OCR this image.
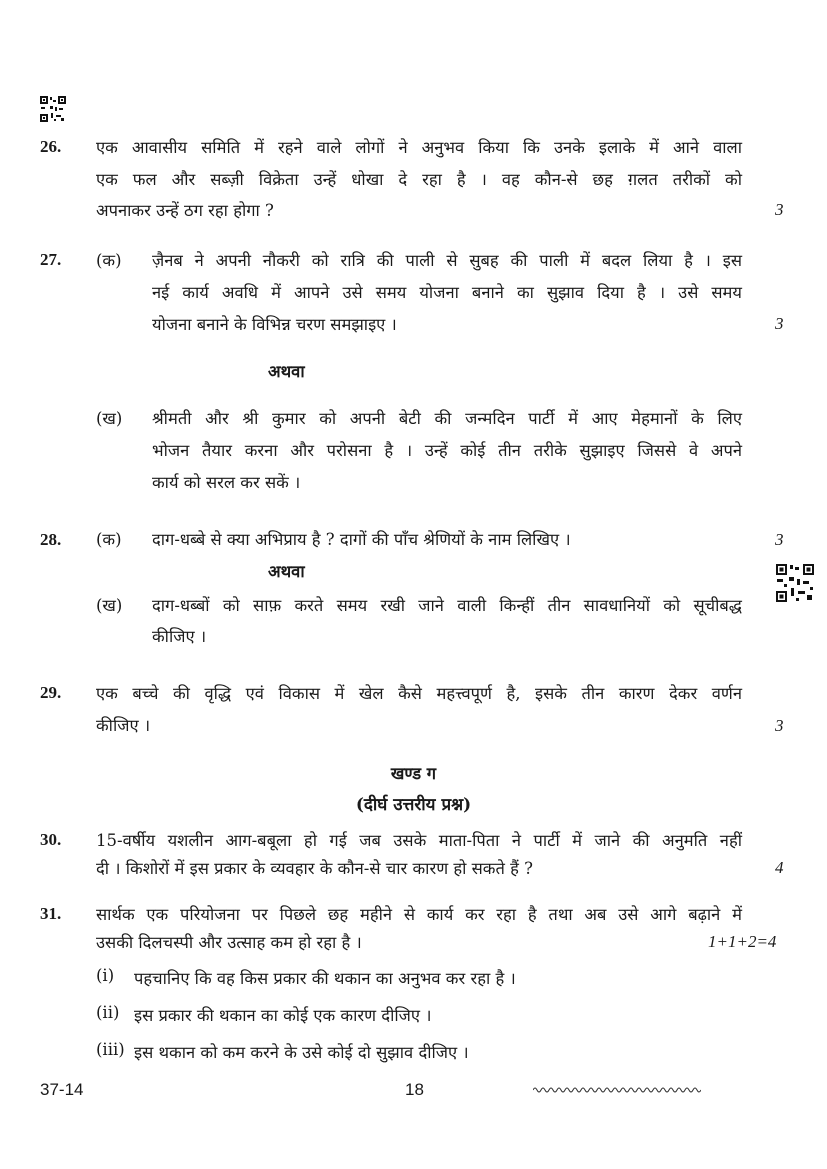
26. एक आवासीय समिति में रहने वाले लोगों ने अनुभव किया कि उनके इलाके में आने वाला
एक फल और सब्ज़ी विक्रेता उन्हें धोखा दे रहा है । वह कौन-से छह ग़लत तरीकों को
अपनाकर उन्हें ठग रहा होगा ?	3
27. (क) ज़ैनब ने अपनी नौकरी को रात्रि की पाली से सुबह की पाली में बदल लिया है । इस
नई कार्य अवधि में आपने उसे समय योजना बनाने का सुझाव दिया है । उसे समय
योजना बनाने के विभिन्न चरण समझाइए ।	3
अथवा
(ख) श्रीमती और श्री कुमार को अपनी बेटी की जन्मदिन पार्टी में आए मेहमानों के लिए
भोजन तैयार करना और परोसना है । उन्हें कोई तीन तरीके सुझाइए जिससे वे अपने
कार्य को सरल कर सकें ।
28. (क) दाग-धब्बे से क्या अभिप्राय है ? दागों की पाँच श्रेणियों के नाम लिखिए ।	3
अथवा
(ख) दाग-धब्बों को साफ़ करते समय रखी जाने वाली किन्हीं तीन सावधानियों को सूचीबद्ध
कीजिए ।
29. एक बच्चे की वृद्धि एवं विकास में खेल कैसे महत्त्वपूर्ण है, इसके तीन कारण देकर वर्णन
कीजिए ।	3
खण्ड ग
(दीर्घ उत्तरीय प्रश्न)
30. 15-वर्षीय यशलीन आग-बबूला हो गई जब उसके माता-पिता ने पार्टी में जाने की अनुमति नहीं
दी । किशोरों में इस प्रकार के व्यवहार के कौन-से चार कारण हो सकते हैं ?	4
31. सार्थक एक परियोजना पर पिछले छह महीने से कार्य कर रहा है तथा अब उसे आगे बढ़ाने में
उसकी दिलचस्पी और उत्साह कम हो रहा है ।	1+1+2=4
(i) पहचानिए कि वह किस प्रकार की थकान का अनुभव कर रहा है ।
(ii) इस प्रकार की थकान का कोई एक कारण दीजिए ।
(iii) इस थकान को कम करने के उसे कोई दो सुझाव दीजिए ।
37-14	18
